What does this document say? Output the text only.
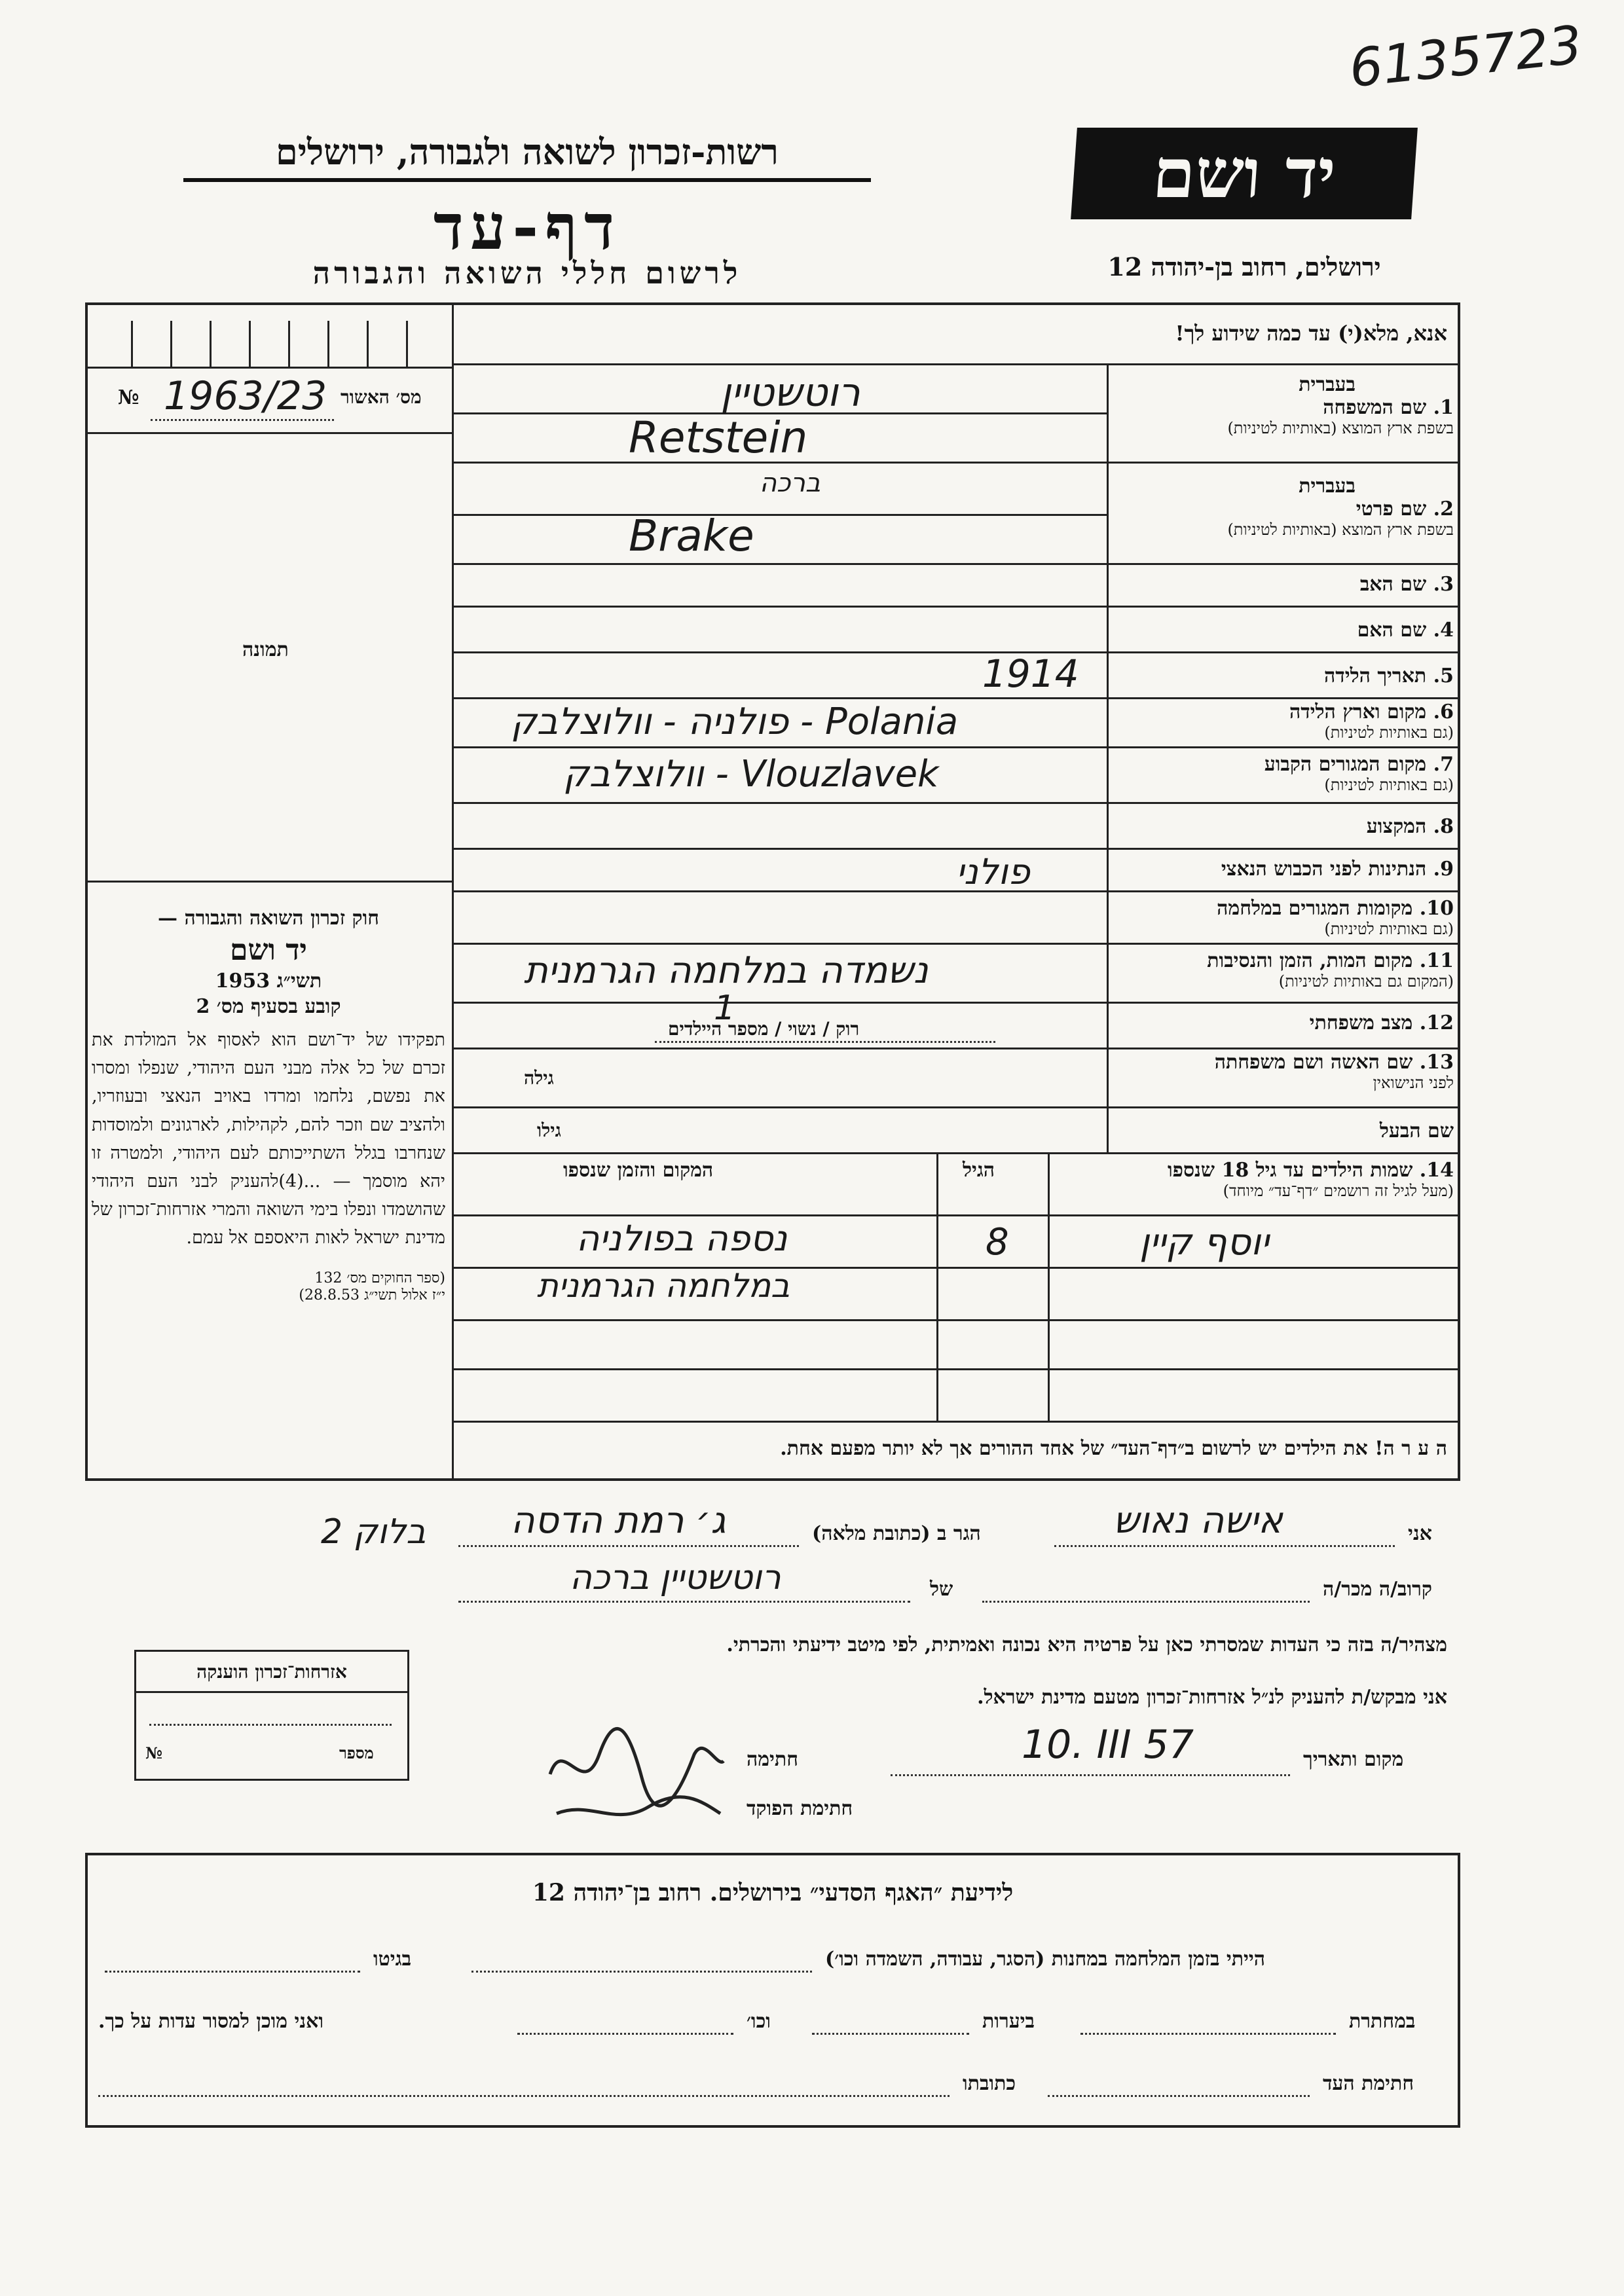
6135723
רשות-זכרון לשואה ולגבורה, ירושלים
דף-עד
לרשום חללי השואה והגבורה
יד ושם
ירושלים, רחוב בן-יהודה 12
מס׳ האשור
1963/23
№
תמונה
חוק זכרון השואה והגבורה —
יד ושם
תשי״ג 1953
קובע בסעיף מס׳ 2
תפקידו של יד־ושם הוא לאסוף אל המולדת את זכרם של כל אלה מבני העם היהודי, שנפלו ומסרו את נפשם, נלחמו ומרדו באויב הנאצי ובעוזריו, ולהציב שם וזכר להם, לקהילות, לארגונים ולמוסדות שנחרבו בגלל השתייכותם לעם היהודי, ולמטרה זו יהא מוסמך — ...(4)להעניק לבני העם היהודי שהושמדו ונפלו בימי השואה והמרי אזרחות־זכרון של מדינת ישראל לאות היאספם אל עמם.
(ספר החוקים מס׳ 132
י״ז אלול תשי״ג 28.8.53)
אנא, מלא(י) עד כמה שידוע לך!
בעברית
1. שם המשפחה
בשפת ארץ המוצא (באותיות לטיניות)
רוטשטיין
Retstein
בעברית
2. שם פרטי
בשפת ארץ המוצא (באותיות לטיניות)
ברכה
Brake
3. שם האב
4. שם האם
5. תאריך הלידה
1914
6. מקום וארץ הלידה
(גם באותיות לטיניות)
פולניה - וולוצלבק - Polania
7. מקום המגורים הקבוע
(גם באותיות לטיניות)
וולוצלבק - Vlouzlavek
8. המקצוע
9. הנתינות לפני הכבוש הנאצי
פולני
10. מקומות המגורים במלחמה
(גם באותיות לטיניות)
11. מקום המות, הזמן והנסיבות
(המקום גם באותיות לטיניות)
נשמדה במלחמה הגרמנית
12. מצב משפחתי
רוק / נשוי / מספר היילדים
1
13. שם האשה ושם משפחתה
לפני הנישואין
גילה
שם הבעל
גילו
14. שמות הילדים עד גיל 18 שנספו
(מעל לגיל זה רושמים ״דף־עד״ מיוחד)
הגיל
המקום והזמן שנספו
יוסף קיין
8
נספה בפולניה
במלחמה הגרמנית
ה ע ר ה! את הילדים יש לרשום ב״דף־העד״ של אחד ההורים אך לא יותר מפעם אחת.
אני
אישה נאוש
הגר ב (כתובת מלאה)
ג׳ רמת הדסה
בלוק 2
קרוב/ה מכר/ה
של
רוטשטיין ברכה
מצהיר/ה בזה כי העדות שמסרתי כאן על פרטיה היא נכונה ואמיתית, לפי מיטב ידיעתי והכרתי.
אני מבקש/ת להעניק לנ״ל אזרחות־זכרון מטעם מדינת ישראל.
מקום ותאריך
10. III 57
חתימה
חתימת הפוקד
אזרחות־זכרון הוענקה
№	מספר
לידיעת ״האגף הסדעי״ בירושלים. רחוב בן־יהודה 12
הייתי בזמן המלחמה במחנות (הסגר, עבודה, השמדה וכו׳)
בגיטו
במחתרת
ביערות
וכו׳
ואני מוכן למסור עדות על כך.
חתימת העד
כתובתו
